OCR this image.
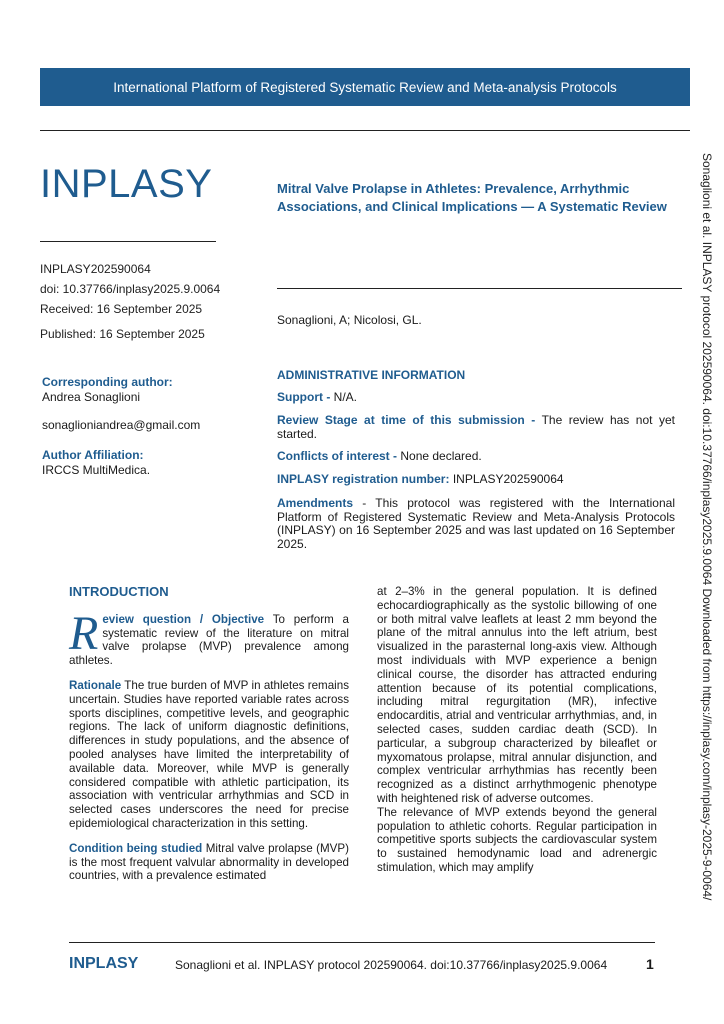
International Platform of Registered Systematic Review and Meta-analysis Protocols
INPLASY
INPLASY202590064
doi: 10.37766/inplasy2025.9.0064
Received: 16 September 2025
Published: 16 September 2025
Mitral Valve Prolapse in Athletes: Prevalence, Arrhythmic Associations, and Clinical Implications — A Systematic Review
Sonaglioni, A; Nicolosi, GL.
Corresponding author:
Andrea Sonaglioni
sonaglioniandrea@gmail.com
Author Affiliation:
IRCCS MultiMedica.
ADMINISTRATIVE INFORMATION
Support - N/A.
Review Stage at time of this submission - The review has not yet started.
Conflicts of interest - None declared.
INPLASY registration number: INPLASY202590064
Amendments - This protocol was registered with the International Platform of Registered Systematic Review and Meta-Analysis Protocols (INPLASY) on 16 September 2025 and was last updated on 16 September 2025.
INTRODUCTION

Review question / Objective To perform a systematic review of the literature on mitral valve prolapse (MVP) prevalence among athletes.

Rationale The true burden of MVP in athletes remains uncertain. Studies have reported variable rates across sports disciplines, competitive levels, and geographic regions. The lack of uniform diagnostic definitions, differences in study populations, and the absence of pooled analyses have limited the interpretability of available data. Moreover, while MVP is generally considered compatible with athletic participation, its association with ventricular arrhythmias and SCD in selected cases underscores the need for precise epidemiological characterization in this setting.

Condition being studied Mitral valve prolapse (MVP) is the most frequent valvular abnormality in developed countries, with a prevalence estimated

at 2–3% in the general population. It is defined echocardiographically as the systolic billowing of one or both mitral valve leaflets at least 2 mm beyond the plane of the mitral annulus into the left atrium, best visualized in the parasternal long-axis view. Although most individuals with MVP experience a benign clinical course, the disorder has attracted enduring attention because of its potential complications, including mitral regurgitation (MR), infective endocarditis, atrial and ventricular arrhythmias, and, in selected cases, sudden cardiac death (SCD). In particular, a subgroup characterized by bileaflet or myxomatous prolapse, mitral annular disjunction, and complex ventricular arrhythmias has recently been recognized as a distinct arrhythmogenic phenotype with heightened risk of adverse outcomes.

The relevance of MVP extends beyond the general population to athletic cohorts. Regular participation in competitive sports subjects the cardiovascular system to sustained hemodynamic load and adrenergic stimulation, which may amplify	Sonaglioni et al. INPLASY protocol 202590064. doi:10.37766/inplasy2025.9.0064 Downloaded from https://inplasy.com/inplasy-2025-9-0064/
INPLASY	Sonaglioni et al. INPLASY protocol 202590064. doi:10.37766/inplasy2025.9.0064	1
